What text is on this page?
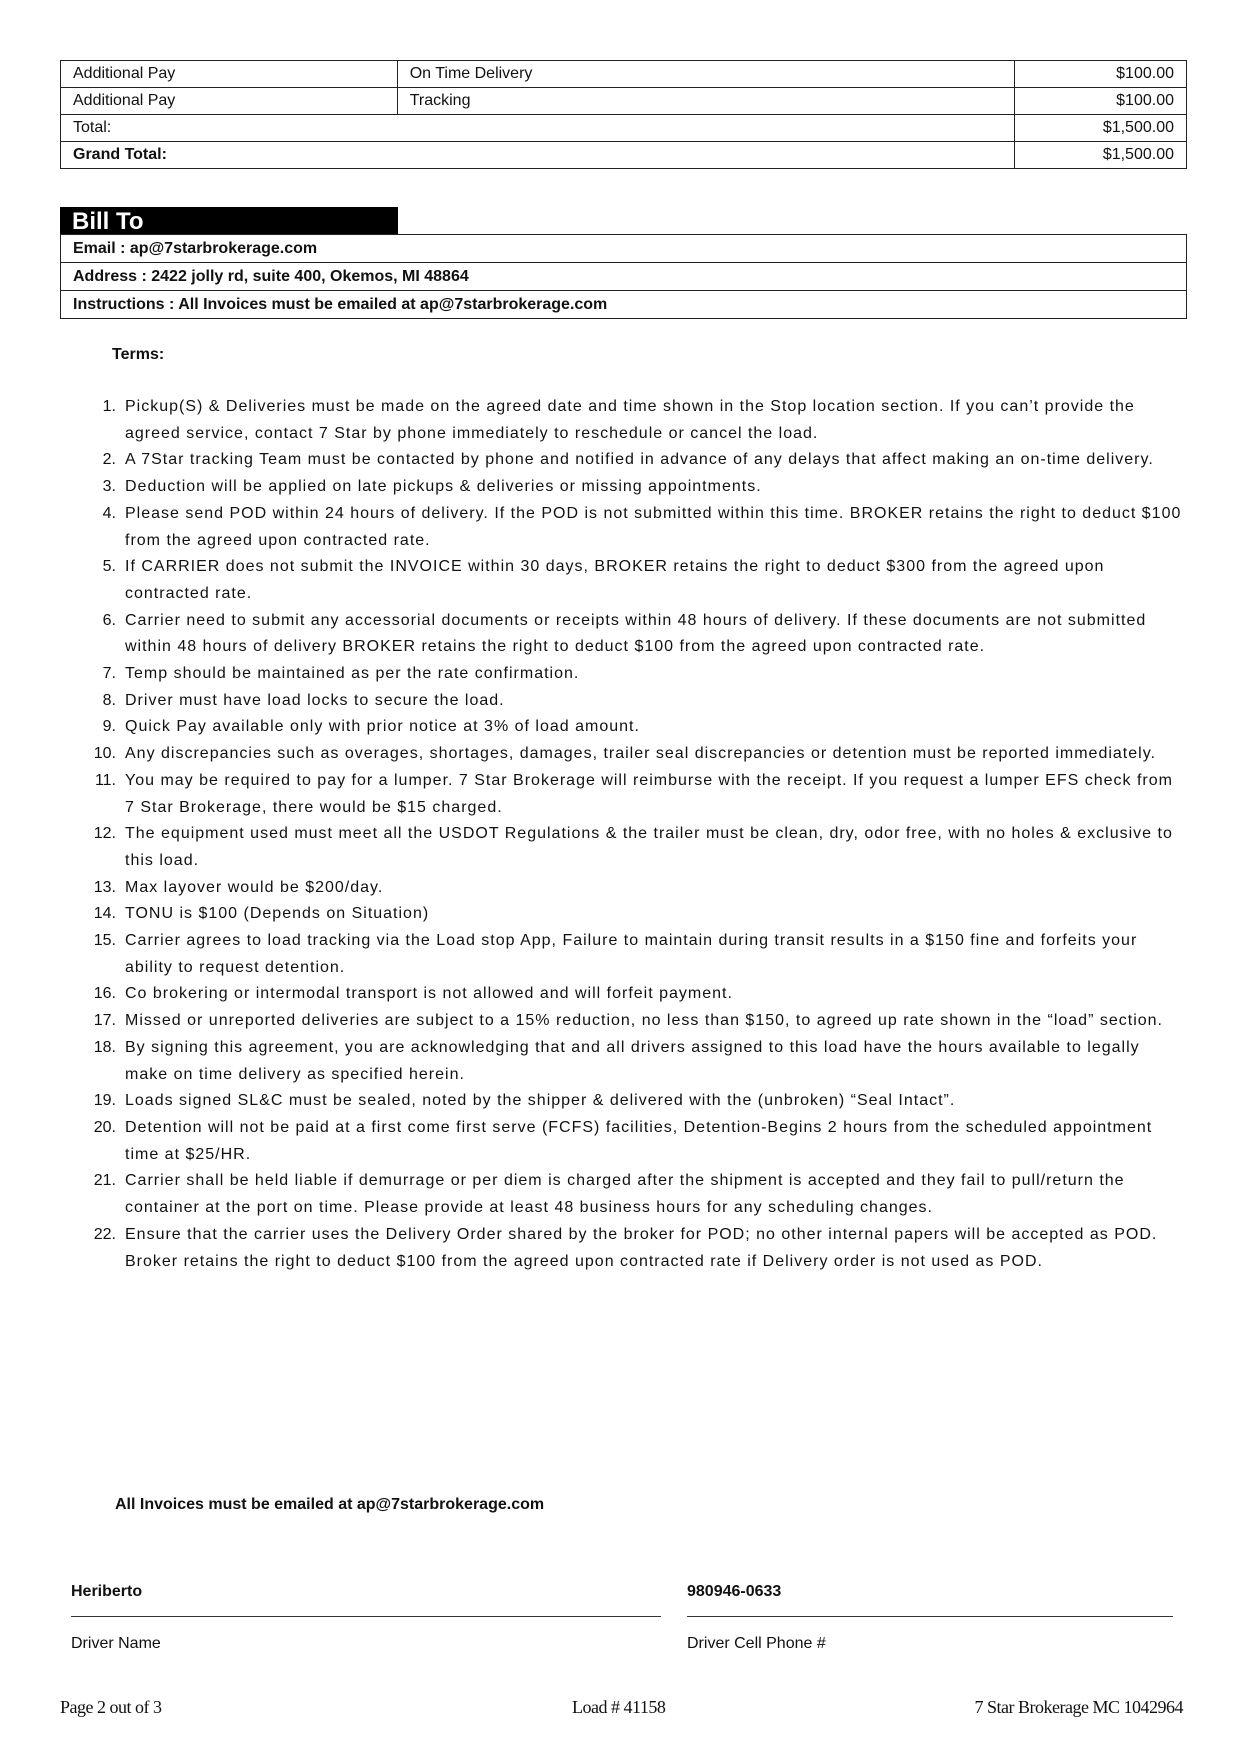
Additional Pay	On Time Delivery	$100.00
Additional Pay	Tracking	$100.00
Total:		$1,500.00
Grand Total:		$1,500.00
Bill To
Email : ap@7starbrokerage.com
Address : 2422 jolly rd, suite 400, Okemos, MI 48864
Instructions : All Invoices must be emailed at ap@7starbrokerage.com
Terms:
1. Pickup(S) & Deliveries must be made on the agreed date and time shown in the Stop location section. If you can’t provide the agreed service, contact 7 Star by phone immediately to reschedule or cancel the load.
2. A 7Star tracking Team must be contacted by phone and notified in advance of any delays that affect making an on-time delivery.
3. Deduction will be applied on late pickups & deliveries or missing appointments.
4. Please send POD within 24 hours of delivery. If the POD is not submitted within this time. BROKER retains the right to deduct $100 from the agreed upon contracted rate.
5. If CARRIER does not submit the INVOICE within 30 days, BROKER retains the right to deduct $300 from the agreed upon contracted rate.
6. Carrier need to submit any accessorial documents or receipts within 48 hours of delivery. If these documents are not submitted within 48 hours of delivery BROKER retains the right to deduct $100 from the agreed upon contracted rate.
7. Temp should be maintained as per the rate confirmation.
8. Driver must have load locks to secure the load.
9. Quick Pay available only with prior notice at 3% of load amount.
10. Any discrepancies such as overages, shortages, damages, trailer seal discrepancies or detention must be reported immediately.
11. You may be required to pay for a lumper. 7 Star Brokerage will reimburse with the receipt. If you request a lumper EFS check from 7 Star Brokerage, there would be $15 charged.
12. The equipment used must meet all the USDOT Regulations & the trailer must be clean, dry, odor free, with no holes & exclusive to this load.
13. Max layover would be $200/day.
14. TONU is $100 (Depends on Situation)
15. Carrier agrees to load tracking via the Load stop App, Failure to maintain during transit results in a $150 fine and forfeits your ability to request detention.
16. Co brokering or intermodal transport is not allowed and will forfeit payment.
17. Missed or unreported deliveries are subject to a 15% reduction, no less than $150, to agreed up rate shown in the “load” section.
18. By signing this agreement, you are acknowledging that and all drivers assigned to this load have the hours available to legally make on time delivery as specified herein.
19. Loads signed SL&C must be sealed, noted by the shipper & delivered with the (unbroken) “Seal Intact”.
20. Detention will not be paid at a first come first serve (FCFS) facilities, Detention-Begins 2 hours from the scheduled appointment time at $25/HR.
21. Carrier shall be held liable if demurrage or per diem is charged after the shipment is accepted and they fail to pull/return the container at the port on time. Please provide at least 48 business hours for any scheduling changes.
22. Ensure that the carrier uses the Delivery Order shared by the broker for POD; no other internal papers will be accepted as POD. Broker retains the right to deduct $100 from the agreed upon contracted rate if Delivery order is not used as POD.
All Invoices must be emailed at ap@7starbrokerage.com
Heriberto
Driver Name
980946-0633
Driver Cell Phone #
Page 2 out of 3	Load # 41158	7 Star Brokerage MC 1042964
